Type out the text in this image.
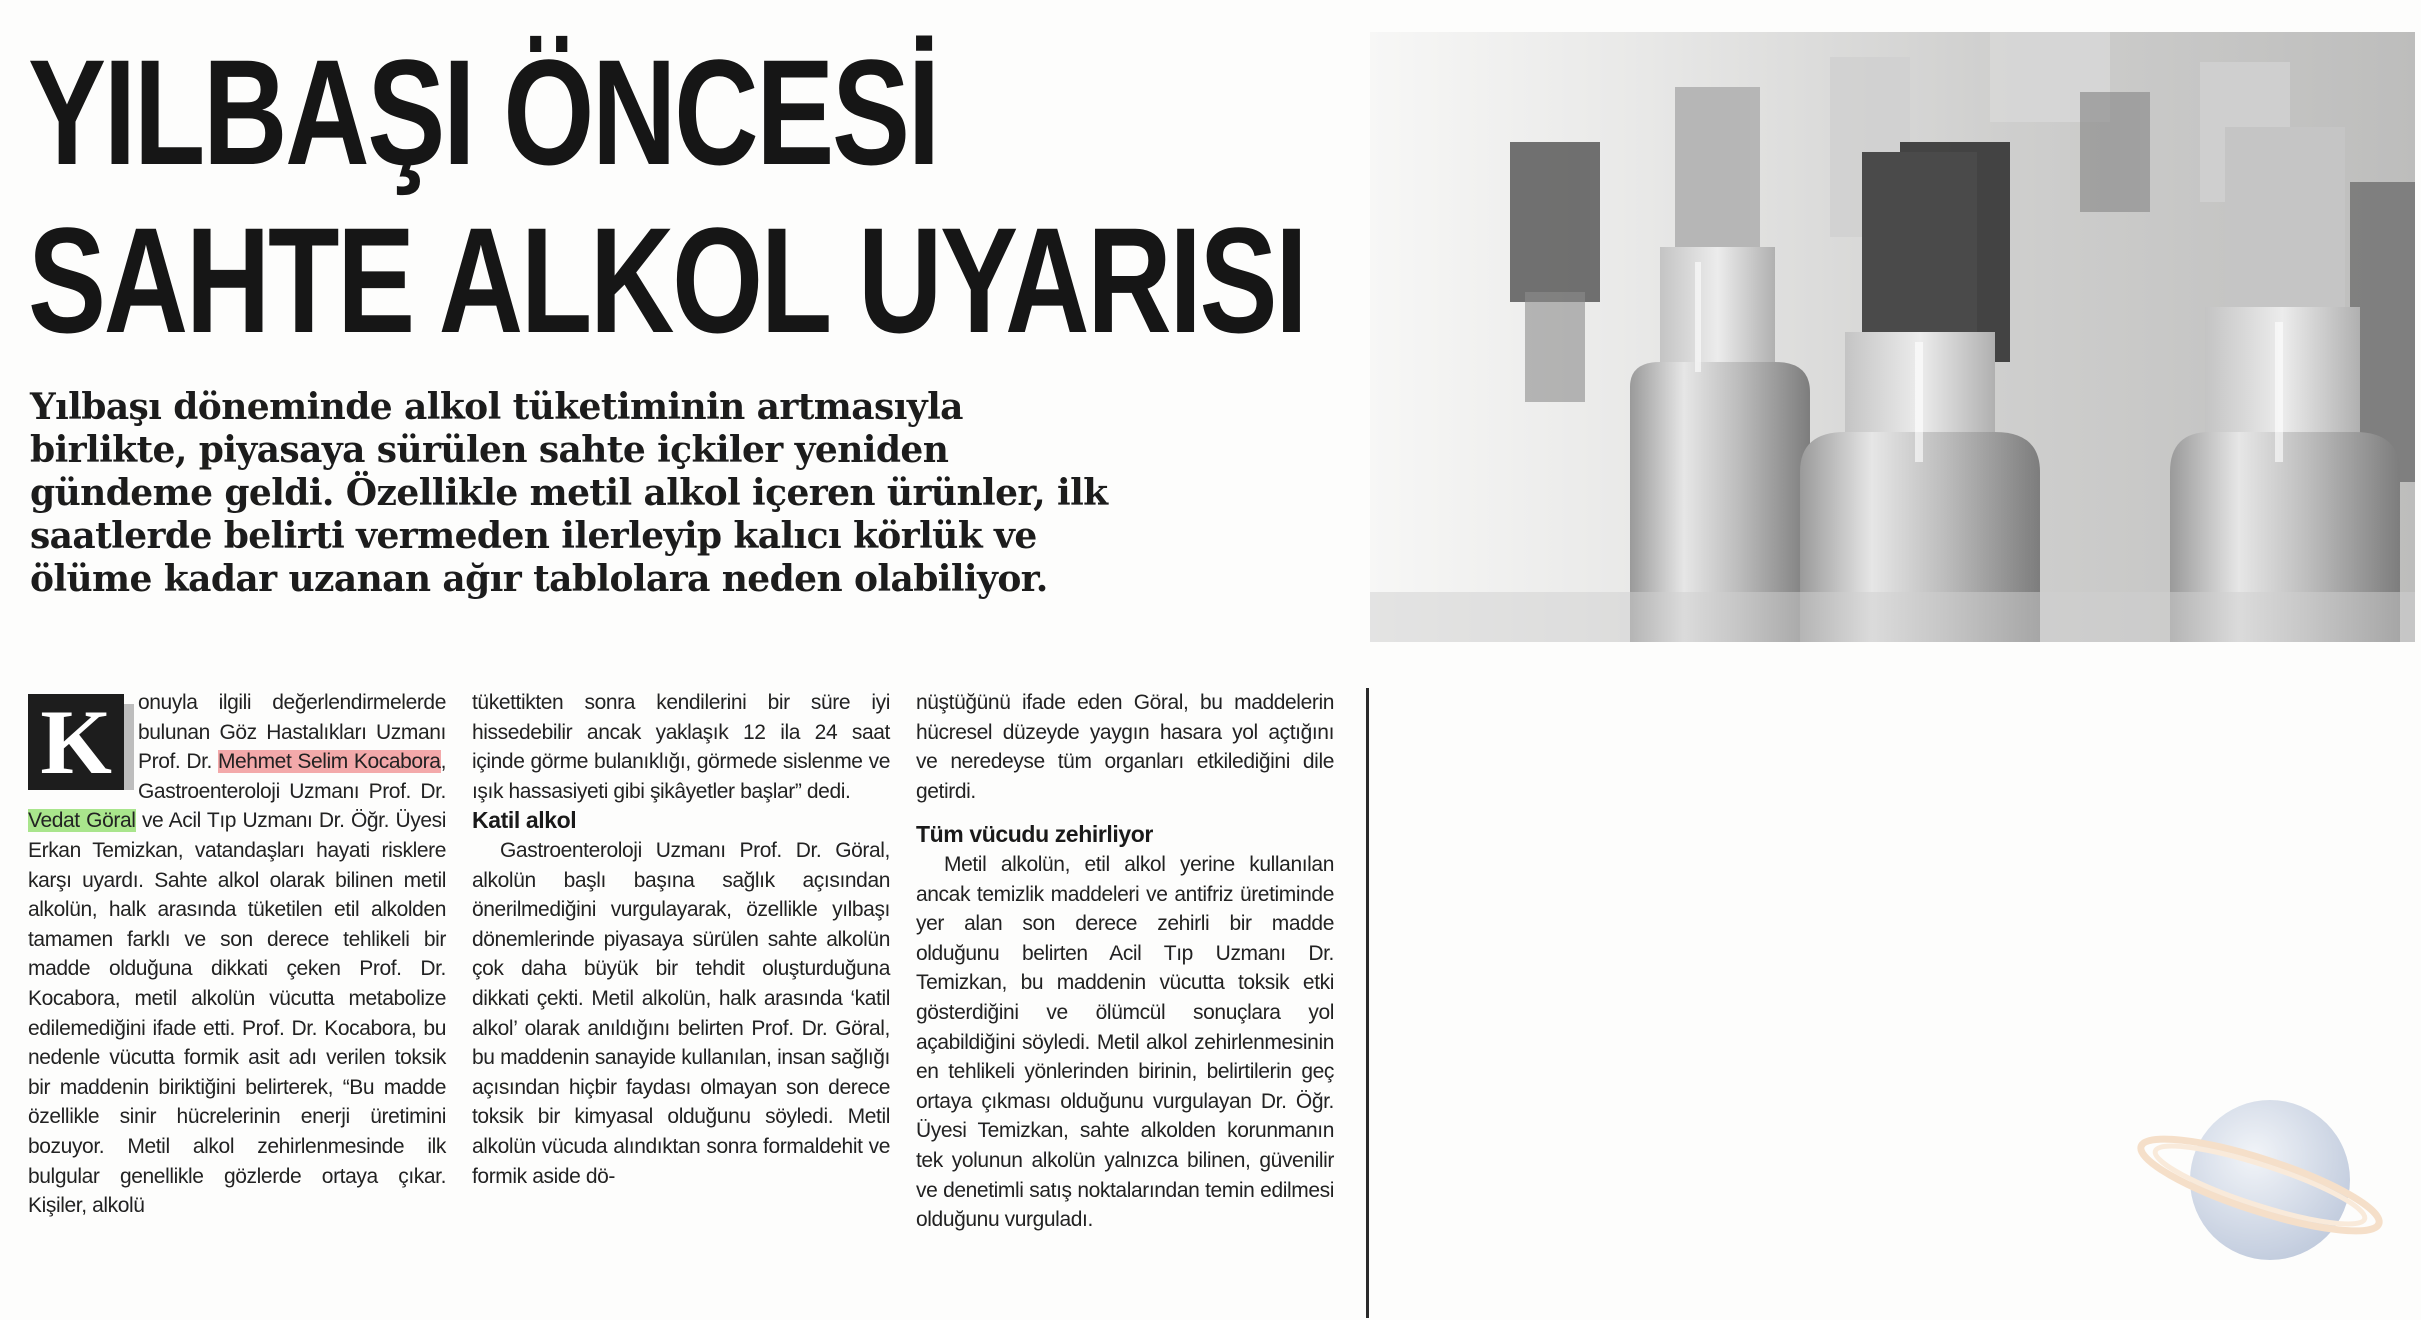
YILBAŞI ÖNCESİ
SAHTE ALKOL UYARISI

Yılbaşı döneminde alkol tüketiminin artmasıyla birlikte, piyasaya sürülen sahte içkiler yeniden gündeme geldi. Özellikle metil alkol içeren ürünler, ilk saatlerde belirti vermeden ilerleyip kalıcı körlük ve ölüme kadar uzanan ağır tablolara neden olabiliyor.

K	onuyla ilgili değerlendirmelerde bulunan Göz Hastalıkları Uzmanı Prof. Dr. Mehmet Selim Kocabora, Gastroenteroloji Uzmanı Prof. Dr. Vedat Göral ve Acil Tıp Uzmanı Dr. Öğr. Üyesi Erkan Temizkan, vatandaşları hayati risklere karşı uyardı. Sahte alkol olarak bilinen metil alkolün, halk arasında tüketilen etil alkolden tamamen farklı ve son derece tehlikeli bir madde olduğuna dikkati çeken Prof. Dr. Kocabora, metil alkolün vücutta metabolize edilemediğini ifade etti. Prof. Dr. Kocabora, bu nedenle vücutta formik asit adı verilen toksik bir maddenin biriktiğini belirterek, “Bu madde özellikle sinir hücrelerinin enerji üretimini bozuyor. Metil alkol zehirlenmesinde ilk bulgular genellikle gözlerde ortaya çıkar. Kişiler, alkolü

tükettikten sonra kendilerini bir süre iyi hissedebilir ancak yaklaşık 12 ila 24 saat içinde görme bulanıklığı, görmede sislenme ve ışık hassasiyeti gibi şikâyetler başlar” dedi.

Katil alkol

Gastroenteroloji Uzmanı Prof. Dr. Göral, alkolün başlı başına sağlık açısından önerilmediğini vurgulayarak, özellikle yılbaşı dönemlerinde piyasaya sürülen sahte alkolün çok daha büyük bir tehdit oluşturduğuna dikkati çekti. Metil alkolün, halk arasında ‘katil alkol’ olarak anıldığını belirten Prof. Dr. Göral, bu maddenin sanayide kullanılan, insan sağlığı açısından hiçbir faydası olmayan son derece toksik bir kimyasal olduğunu söyledi. Metil alkolün vücuda alındıktan sonra formaldehit ve formik aside dö-

nüştüğünü ifade eden Göral, bu maddelerin hücresel düzeyde yaygın hasara yol açtığını ve neredeyse tüm organları etkilediğini dile getirdi.

Tüm vücudu zehirliyor

Metil alkolün, etil alkol yerine kullanılan ancak temizlik maddeleri ve antifriz üretiminde yer alan son derece zehirli bir madde olduğunu belirten Acil Tıp Uzmanı Dr. Temizkan, bu maddenin vücutta toksik etki gösterdiğini ve ölümcül sonuçlara yol açabildiğini söyledi. Metil alkol zehirlenmesinin en tehlikeli yönlerinden birinin, belirtilerin geç ortaya çıkması olduğunu vurgulayan Dr. Öğr. Üyesi Temizkan, sahte alkolden korunmanın tek yolunun alkolün yalnızca bilinen, güvenilir ve denetimli satış noktalarından temin edilmesi olduğunu vurguladı.
